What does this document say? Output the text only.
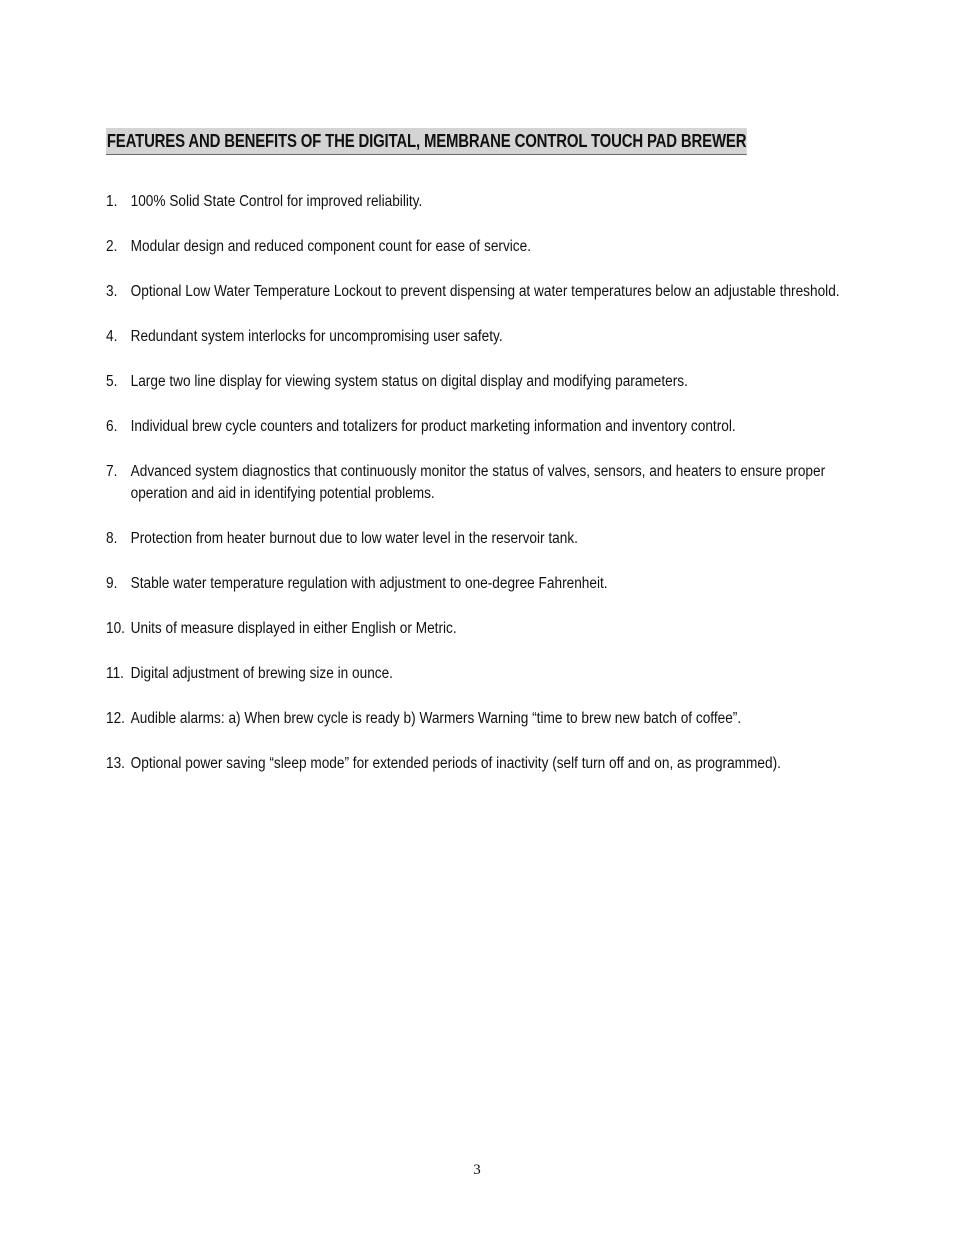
FEATURES AND BENEFITS OF THE DIGITAL, MEMBRANE CONTROL TOUCH PAD BREWER
1. 100% Solid State Control for improved reliability.
2. Modular design and reduced component count for ease of service.
3. Optional Low Water Temperature Lockout to prevent dispensing at water temperatures below an adjustable threshold.
4. Redundant system interlocks for uncompromising user safety.
5. Large two line display for viewing system status on digital display and modifying parameters.
6. Individual brew cycle counters and totalizers for product marketing information and inventory control.
7. Advanced system diagnostics that continuously monitor the status of valves, sensors, and heaters to ensure proper operation and aid in identifying potential problems.
8. Protection from heater burnout due to low water level in the reservoir tank.
9. Stable water temperature regulation with adjustment to one-degree Fahrenheit.
10. Units of measure displayed in either English or Metric.
11. Digital adjustment of brewing size in ounce.
12. Audible alarms: a) When brew cycle is ready b) Warmers Warning “time to brew new batch of coffee”.
13. Optional power saving “sleep mode” for extended periods of inactivity (self turn off and on, as programmed).
3
